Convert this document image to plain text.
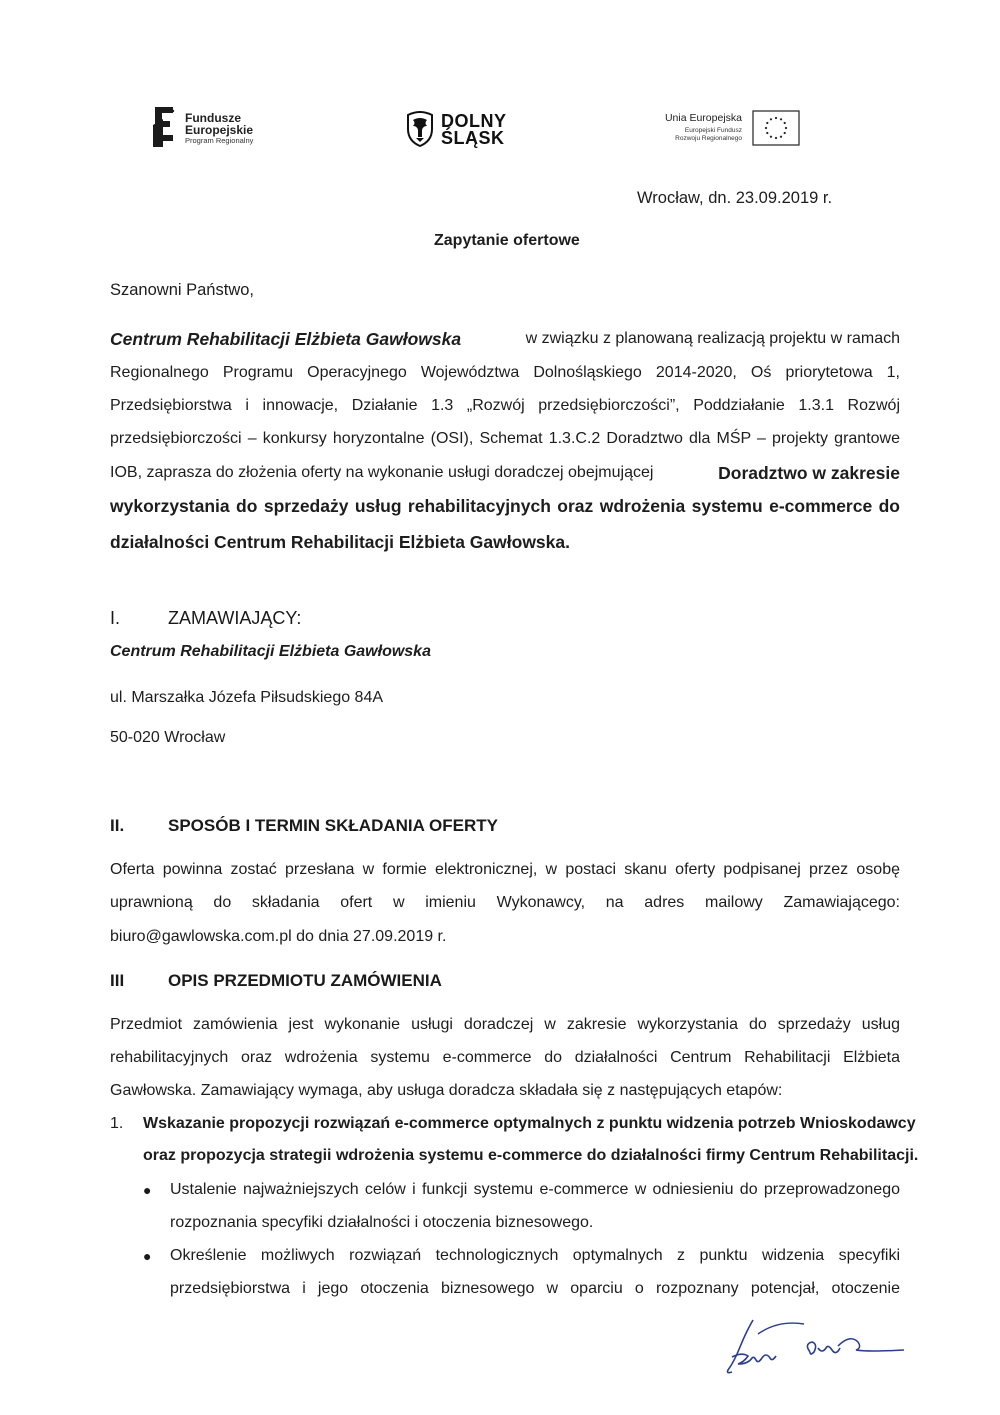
Fundusze
Europejskie
Program Regionalny
DOLNY
ŚLĄSK
Unia Europejska
Europejski Fundusz
Rozwoju Regionalnego
Wrocław, dn. 23.09.2019 r.
Zapytanie ofertowe
Szanowni Państwo,
Centrum Rehabilitacji Elżbieta Gawłowska	w związku z planowaną realizacją projektu w ramach
Regionalnego Programu Operacyjnego Województwa Dolnośląskiego 2014-2020, Oś priorytetowa 1,
Przedsiębiorstwa i innowacje, Działanie 1.3 „Rozwój przedsiębiorczości”, Poddziałanie 1.3.1 Rozwój
przedsiębiorczości – konkursy horyzontalne (OSI), Schemat 1.3.C.2 Doradztwo dla MŚP – projekty grantowe
IOB, zaprasza do złożenia oferty na wykonanie usługi doradczej obejmującej	Doradztwo w zakresie
wykorzystania do sprzedaży usług rehabilitacyjnych oraz wdrożenia systemu e-commerce do
działalności Centrum Rehabilitacji Elżbieta Gawłowska.
I.	ZAMAWIAJĄCY:
Centrum Rehabilitacji Elżbieta Gawłowska
ul. Marszałka Józefa Piłsudskiego 84A
50-020 Wrocław
II.	SPOSÓB I TERMIN SKŁADANIA OFERTY
Oferta powinna zostać przesłana w formie elektronicznej, w postaci skanu oferty podpisanej przez osobę
uprawnioną do składania ofert w imieniu Wykonawcy, na adres mailowy Zamawiającego:
biuro@gawlowska.com.pl do dnia 27.09.2019 r.
III	OPIS PRZEDMIOTU ZAMÓWIENIA
Przedmiot zamówienia jest wykonanie usługi doradczej w zakresie wykorzystania do sprzedaży usług
rehabilitacyjnych oraz wdrożenia systemu e-commerce do działalności Centrum Rehabilitacji Elżbieta
Gawłowska. Zamawiający wymaga, aby usługa doradcza składała się z następujących etapów:
1. Wskazanie propozycji rozwiązań e-commerce optymalnych z punktu widzenia potrzeb Wnioskodawcy
oraz propozycja strategii wdrożenia systemu e-commerce do działalności firmy Centrum Rehabilitacji.
● Ustalenie najważniejszych celów i funkcji systemu e-commerce w odniesieniu do przeprowadzonego
rozpoznania specyfiki działalności i otoczenia biznesowego.
● Określenie możliwych rozwiązań technologicznych optymalnych z punktu widzenia specyfiki
przedsiębiorstwa i jego otoczenia biznesowego w oparciu o rozpoznany potencjał, otoczenie
